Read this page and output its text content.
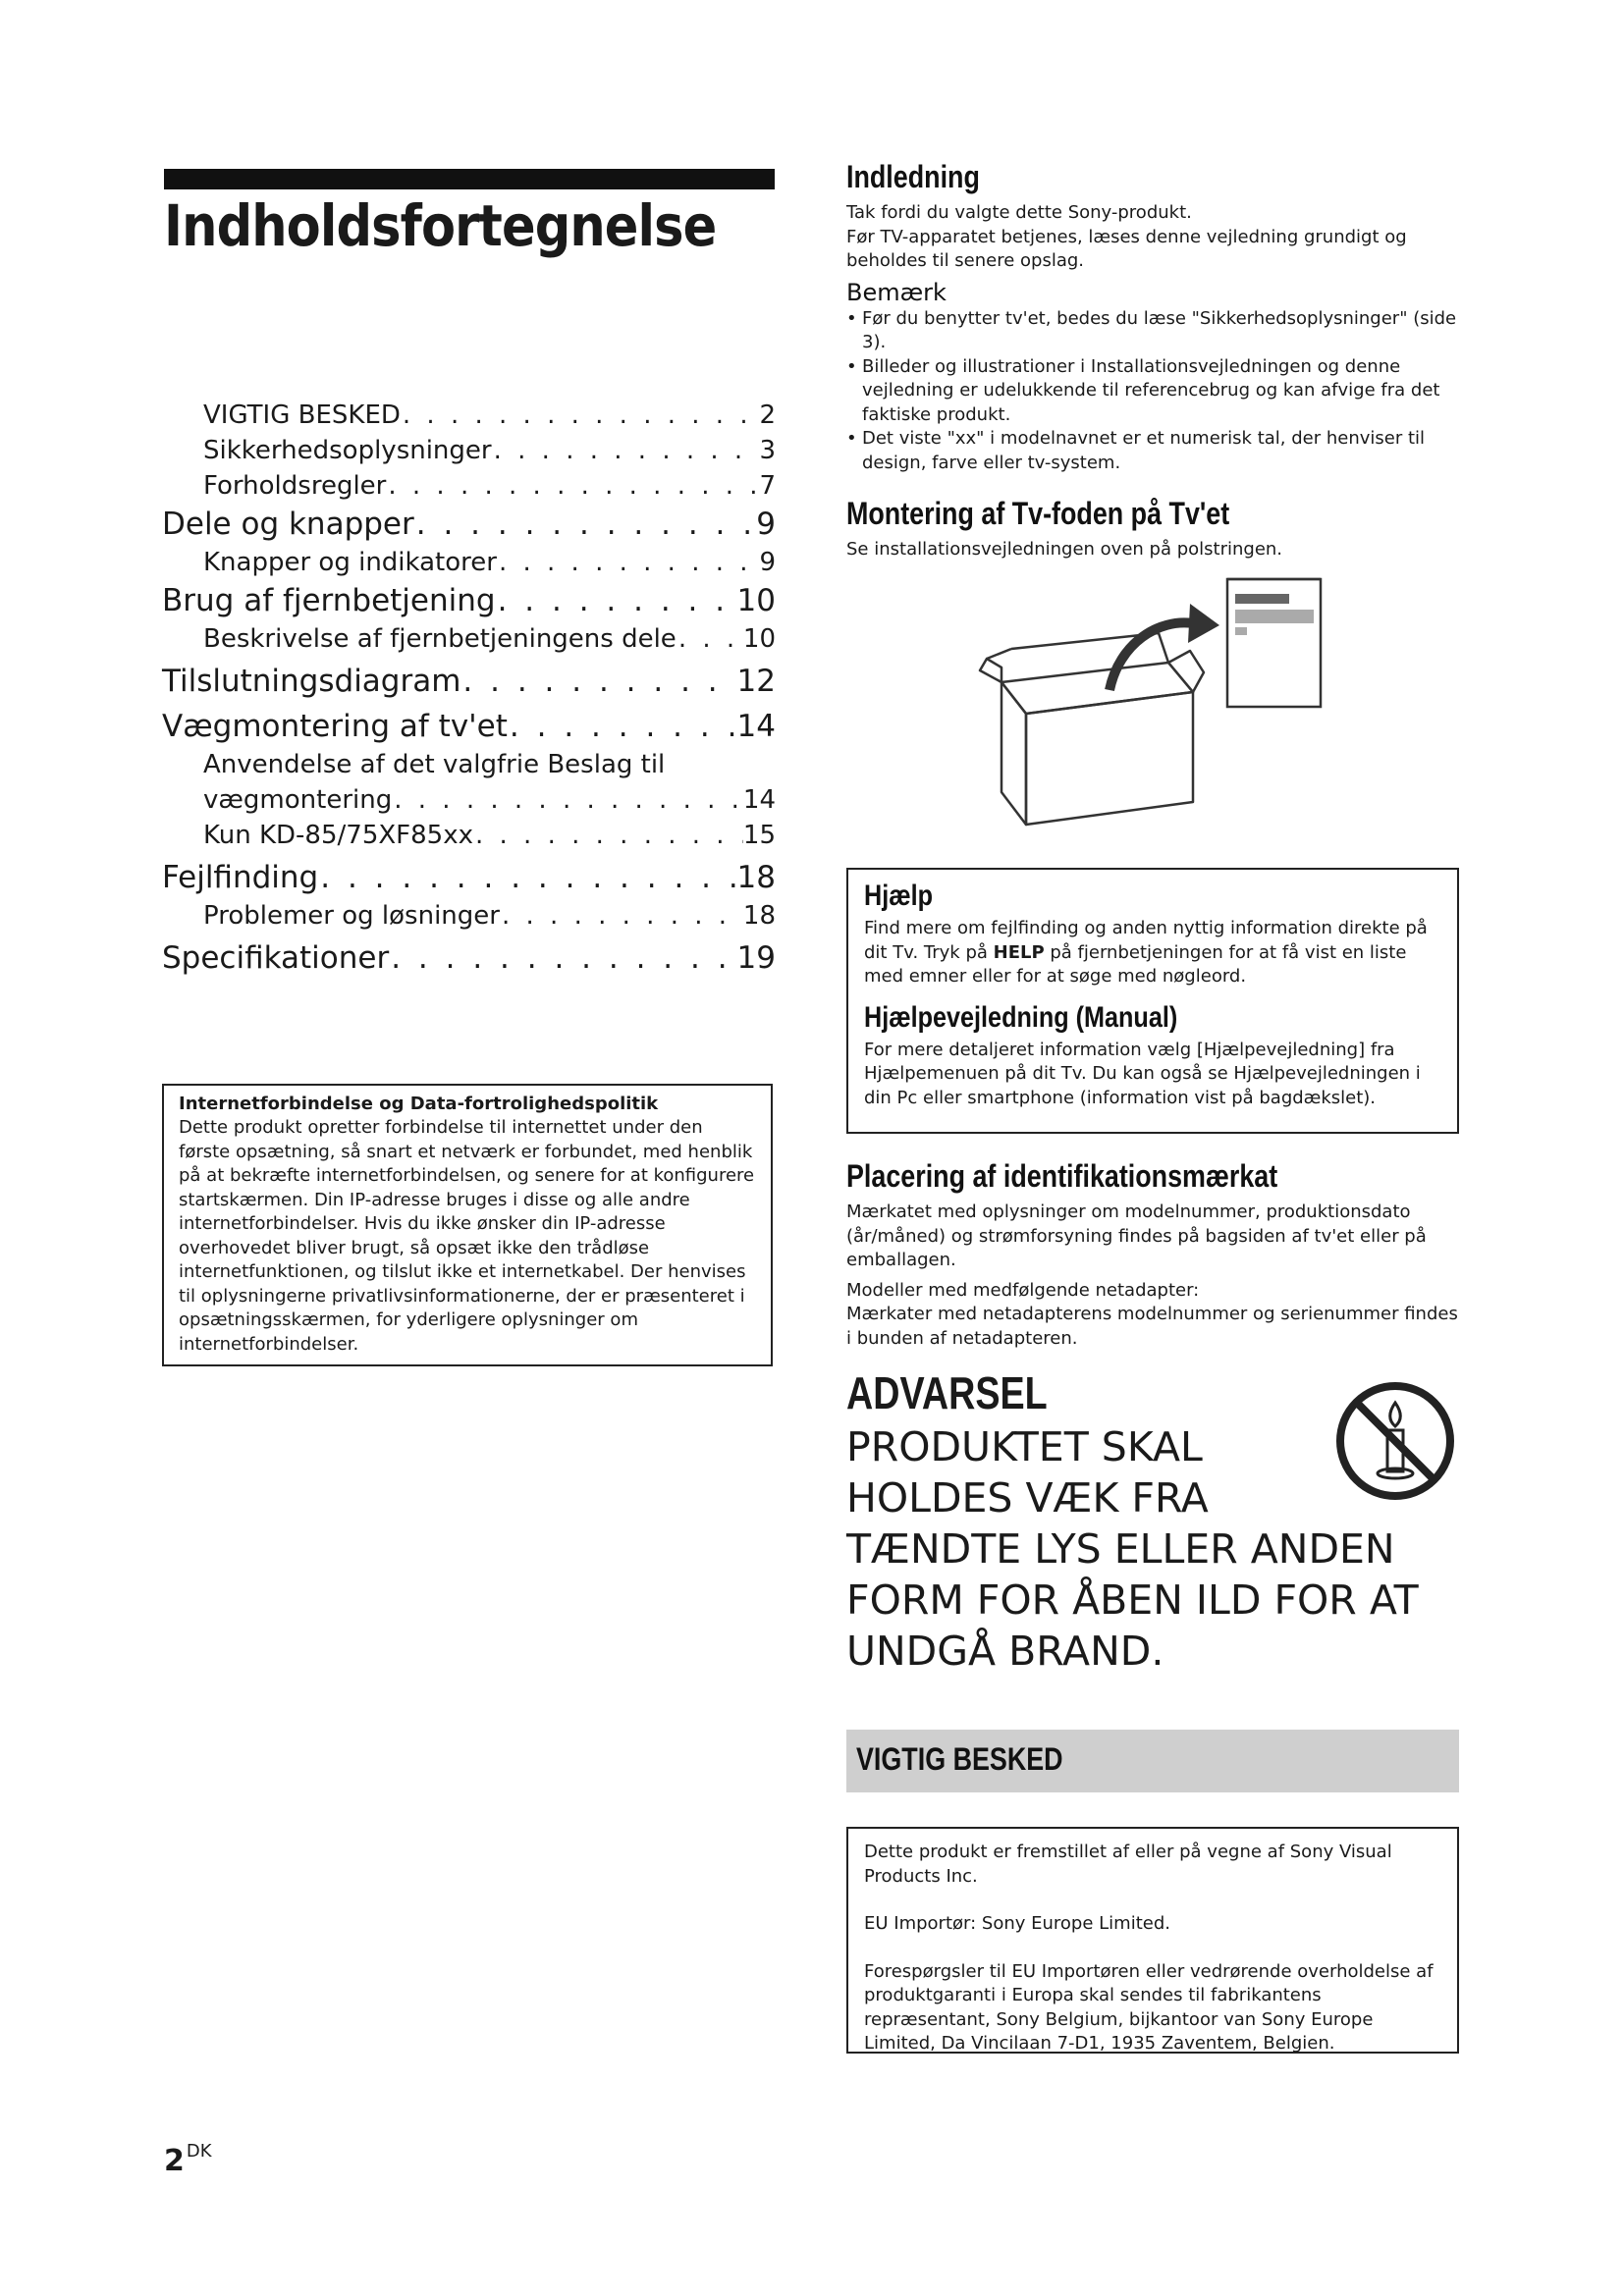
Indholdsfortegnelse
VIGTIG BESKED . . .	2
Sikkerhedsoplysninger . . .	3
Forholdsregler . . .	7
Dele og knapper . . .	9
Knapper og indikatorer . . .	9
Brug af fjernbetjening . . .	10
Beskrivelse af fjernbetjeningens dele . . .	10
Tilslutningsdiagram . . .	12
Vægmontering af tv'et . . .	14
Anvendelse af det valgfrie Beslag til
vægmontering . . .	14
Kun KD-85/75XF85xx . . .	15
Fejlfinding . . .	18
Problemer og løsninger . . .	18
Specifikationer . . .	19
Internetforbindelse og Data-fortrolighedspolitik
Dette produkt opretter forbindelse til internettet under den første opsætning, så snart et netværk er forbundet, med henblik på at bekræfte internetforbindelsen, og senere for at konfigurere startskærmen. Din IP-adresse bruges i disse og alle andre internetforbindelser. Hvis du ikke ønsker din IP-adresse overhovedet bliver brugt, så opsæt ikke den trådløse internetfunktionen, og tilslut ikke et internetkabel. Der henvises til oplysningerne privatlivsinformationerne, der er præsenteret i opsætningsskærmen, for yderligere oplysninger om internetforbindelser.
Indledning
Tak fordi du valgte dette Sony-produkt.
Før TV-apparatet betjenes, læses denne vejledning grundigt og beholdes til senere opslag.
Bemærk
• Før du benytter tv'et, bedes du læse "Sikkerhedsoplysninger" (side 3).
• Billeder og illustrationer i Installationsvejledningen og denne vejledning er udelukkende til referencebrug og kan afvige fra det faktiske produkt.
• Det viste "xx" i modelnavnet er et numerisk tal, der henviser til design, farve eller tv-system.
Montering af Tv-foden på Tv'et
Se installationsvejledningen oven på polstringen.
Hjælp
Find mere om fejlfinding og anden nyttig information direkte på dit Tv. Tryk på HELP på fjernbetjeningen for at få vist en liste med emner eller for at søge med nøgleord.
Hjælpevejledning (Manual)
For mere detaljeret information vælg [Hjælpevejledning] fra Hjælpemenuen på dit Tv. Du kan også se Hjælpevejledningen i din Pc eller smartphone (information vist på bagdækslet).
Placering af identifikationsmærkat
Mærkatet med oplysninger om modelnummer, produktionsdato (år/måned) og strømforsyning findes på bagsiden af tv'et eller på emballagen.
Modeller med medfølgende netadapter:
Mærkater med netadapterens modelnummer og serienummer findes i bunden af netadapteren.
ADVARSEL
PRODUKTET SKAL
HOLDES VÆK FRA
TÆNDTE LYS ELLER ANDEN
FORM FOR ÅBEN ILD FOR AT
UNDGÅ BRAND.
VIGTIG BESKED
Dette produkt er fremstillet af eller på vegne af Sony Visual Products Inc.
EU Importør: Sony Europe Limited.
Forespørgsler til EU Importøren eller vedrørende overholdelse af produktgaranti i Europa skal sendes til fabrikantens repræsentant, Sony Belgium, bijkantoor van Sony Europe Limited, Da Vincilaan 7-D1, 1935 Zaventem, Belgien.
2 $^{DK}$
